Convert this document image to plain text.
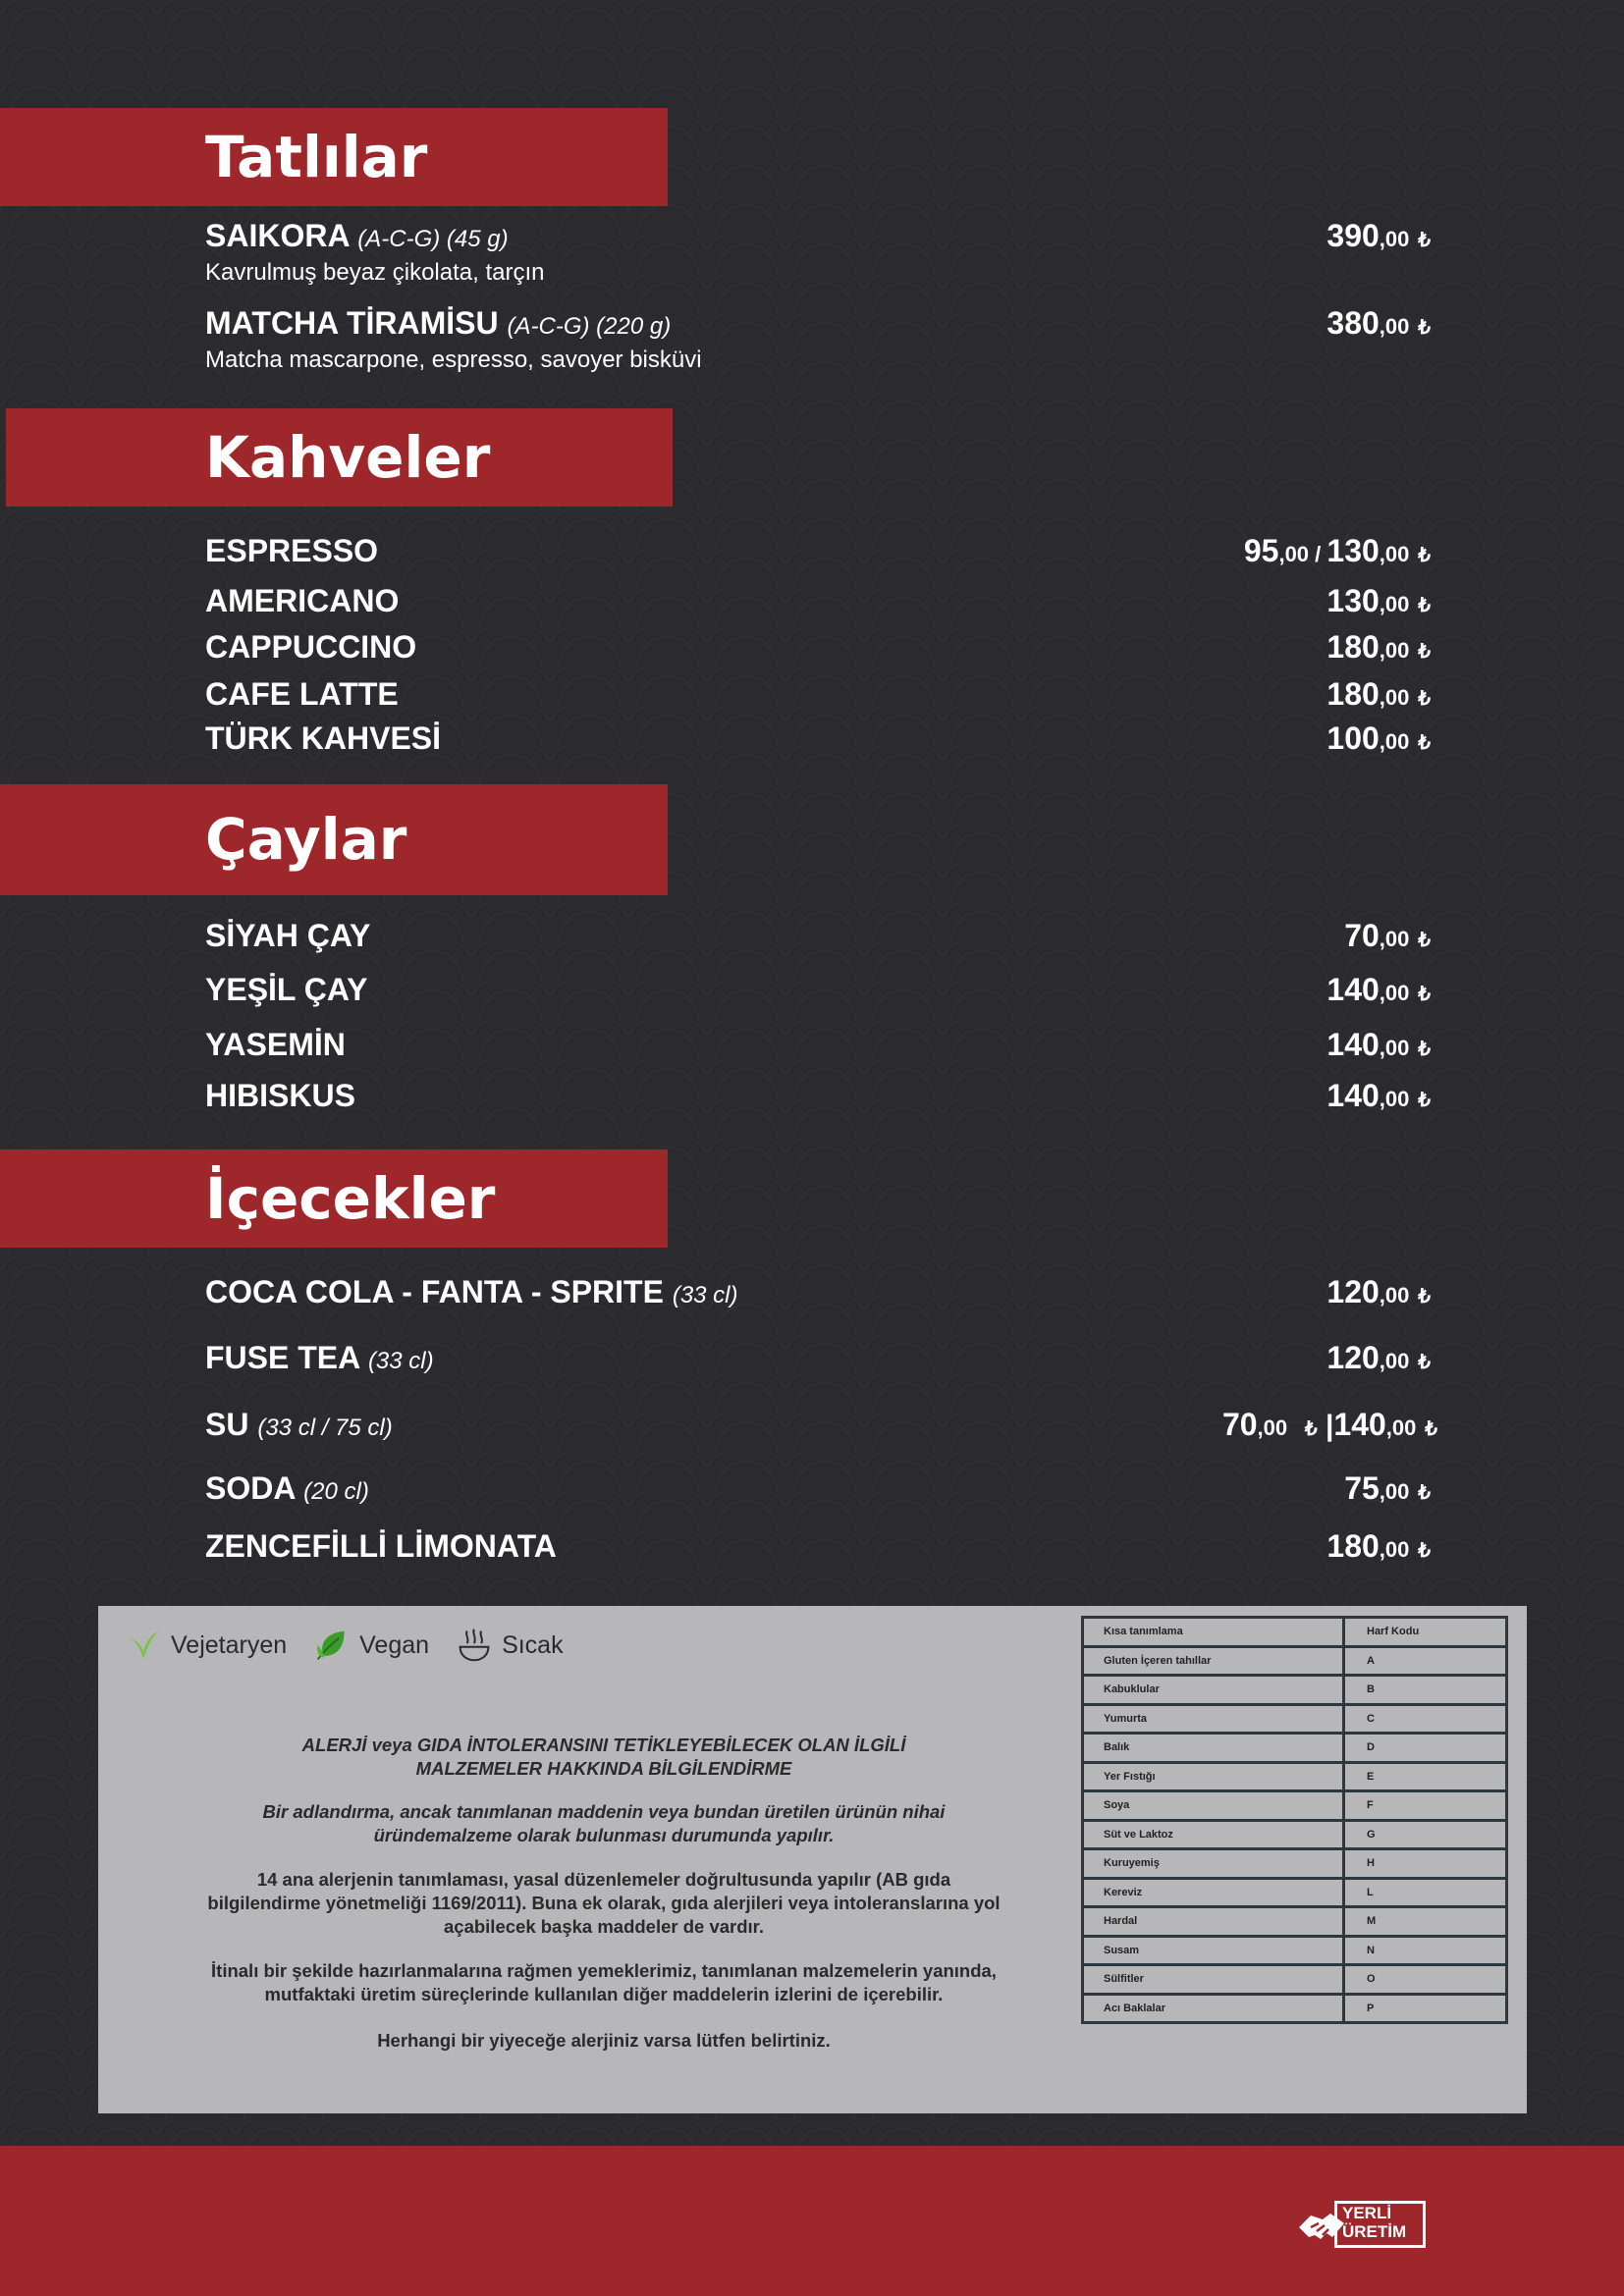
Tatlılar
SAIKORA (A-C-G) (45 g)
Kavrulmuş beyaz çikolata, tarçın
390,00 ₺
MATCHA TİRAMİSU (A-C-G) (220 g)
Matcha mascarpone, espresso, savoyer bisküvi
380,00 ₺
Kahveler
ESPRESSO	95,00 / 130,00 ₺
AMERICANO	130,00 ₺
CAPPUCCINO	180,00 ₺
CAFE LATTE	180,00 ₺
TÜRK KAHVESİ	100,00 ₺
Çaylar
SİYAH ÇAY	70,00 ₺
YEŞİL ÇAY	140,00 ₺
YASEMİN	140,00 ₺
HIBISKUS	140,00 ₺
İçecekler
COCA COLA - FANTA - SPRITE (33 cl)	120,00 ₺
FUSE TEA (33 cl)	120,00 ₺
SU (33 cl / 75 cl)	70,00 ₺ |140,00 ₺
SODA (20 cl)	75,00 ₺
ZENCEFİLLİ LİMONATA	180,00 ₺
Vejetaryen	Vegan	Sıcak
ALERJİ veya GIDA İNTOLERANSINI TETİKLEYEBİLECEK OLAN İLGİLİ
MALZEMELER HAKKINDA BİLGİLENDİRME
Bir adlandırma, ancak tanımlanan maddenin veya bundan üretilen ürünün nihai
üründemalzeme olarak bulunması durumunda yapılır.
14 ana alerjenin tanımlaması, yasal düzenlemeler doğrultusunda yapılır (AB gıda
bilgilendirme yönetmeliği 1169/2011). Buna ek olarak, gıda alerjileri veya intoleranslarına yol
açabilecek başka maddeler de vardır.
İtinalı bir şekilde hazırlanmalarına rağmen yemeklerimiz, tanımlanan malzemelerin yanında,
mutfaktaki üretim süreçlerinde kullanılan diğer maddelerin izlerini de içerebilir.
Herhangi bir yiyeceğe alerjiniz varsa lütfen belirtiniz.
Kısa tanımlama	Harf Kodu
Gluten İçeren tahıllar	A
Kabuklular	B
Yumurta	C
Balık	D
Yer Fıstığı	E
Soya	F
Süt ve Laktoz	G
Kuruyemiş	H
Kereviz	L
Hardal	M
Susam	N
Sülfitler	O
Acı Baklalar	P
YERLİ
ÜRETİM
